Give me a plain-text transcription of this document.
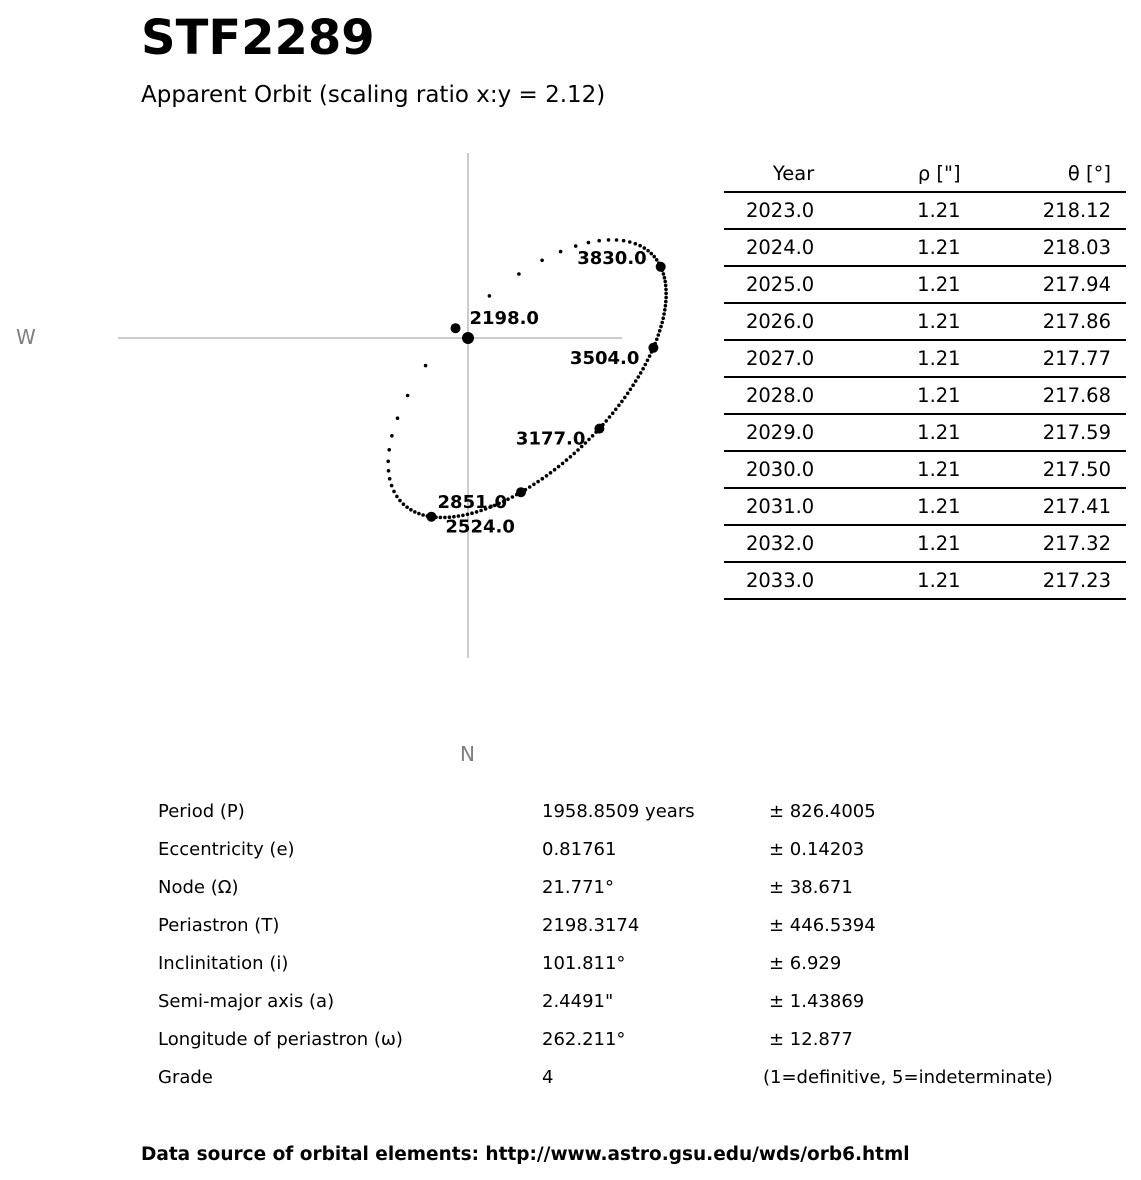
STF2289
Apparent Orbit (scaling ratio x:y = 2.12)
W
N
2198.0
2524.0
2851.0
3177.0
3504.0
3830.0
Year	ρ ["]	θ [°]
2023.0	1.21	218.12
2024.0	1.21	218.03
2025.0	1.21	217.94
2026.0	1.21	217.86
2027.0	1.21	217.77
2028.0	1.21	217.68
2029.0	1.21	217.59
2030.0	1.21	217.50
2031.0	1.21	217.41
2032.0	1.21	217.32
2033.0	1.21	217.23
Period (P)	1958.8509 years	± 826.4005
Eccentricity (e)	0.81761	± 0.14203
Node (Ω)	21.771°	± 38.671
Periastron (T)	2198.3174	± 446.5394
Inclinitation (i)	101.811°	± 6.929
Semi-major axis (a)	2.4491"	± 1.43869
Longitude of periastron (ω)	262.211°	± 12.877
Grade	4	(1=definitive, 5=indeterminate)
Data source of orbital elements: http://www.astro.gsu.edu/wds/orb6.html
